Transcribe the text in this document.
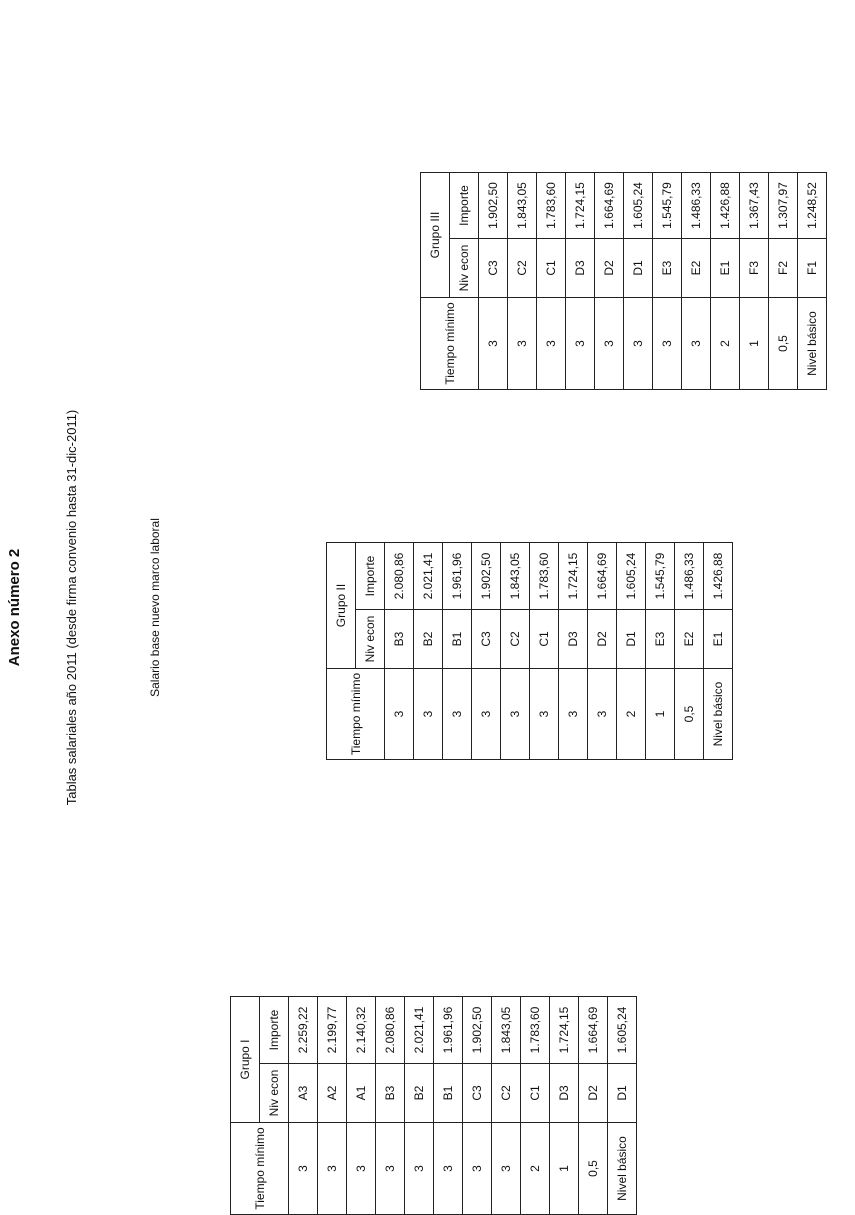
Anexo número 2	Tablas salariales año 2011 (desde firma convenio hasta 31-dic-2011)	Salario base nuevo marco laboral
Tiempo mínimo	Grupo I	
	Niv econ	Importe
3	A3	2.259,22
3	A2	2.199,77
3	A1	2.140,32
3	B3	2.080,86
3	B2	2.021,41
3	B1	1.961,96
3	C3	1.902,50
3	C2	1.843,05
2	C1	1.783,60
1	D3	1.724,15
0,5	D2	1.664,69
Nivel básico	D1	1.605,24
Tiempo mínimo	Grupo II	
	Niv econ	Importe
3	B3	2.080,86
3	B2	2.021,41
3	B1	1.961,96
3	C3	1.902,50
3	C2	1.843,05
3	C1	1.783,60
3	D3	1.724,15
3	D2	1.664,69
2	D1	1.605,24
1	E3	1.545,79
0,5	E2	1.486,33
Nivel básico	E1	1.426,88
Tiempo mínimo	Grupo III	
	Niv econ	Importe
3	C3	1.902,50
3	C2	1.843,05
3	C1	1.783,60
3	D3	1.724,15
3	D2	1.664,69
3	D1	1.605,24
3	E3	1.545,79
3	E2	1.486,33
2	E1	1.426,88
1	F3	1.367,43
0,5	F2	1.307,97
Nivel básico	F1	1.248,52
